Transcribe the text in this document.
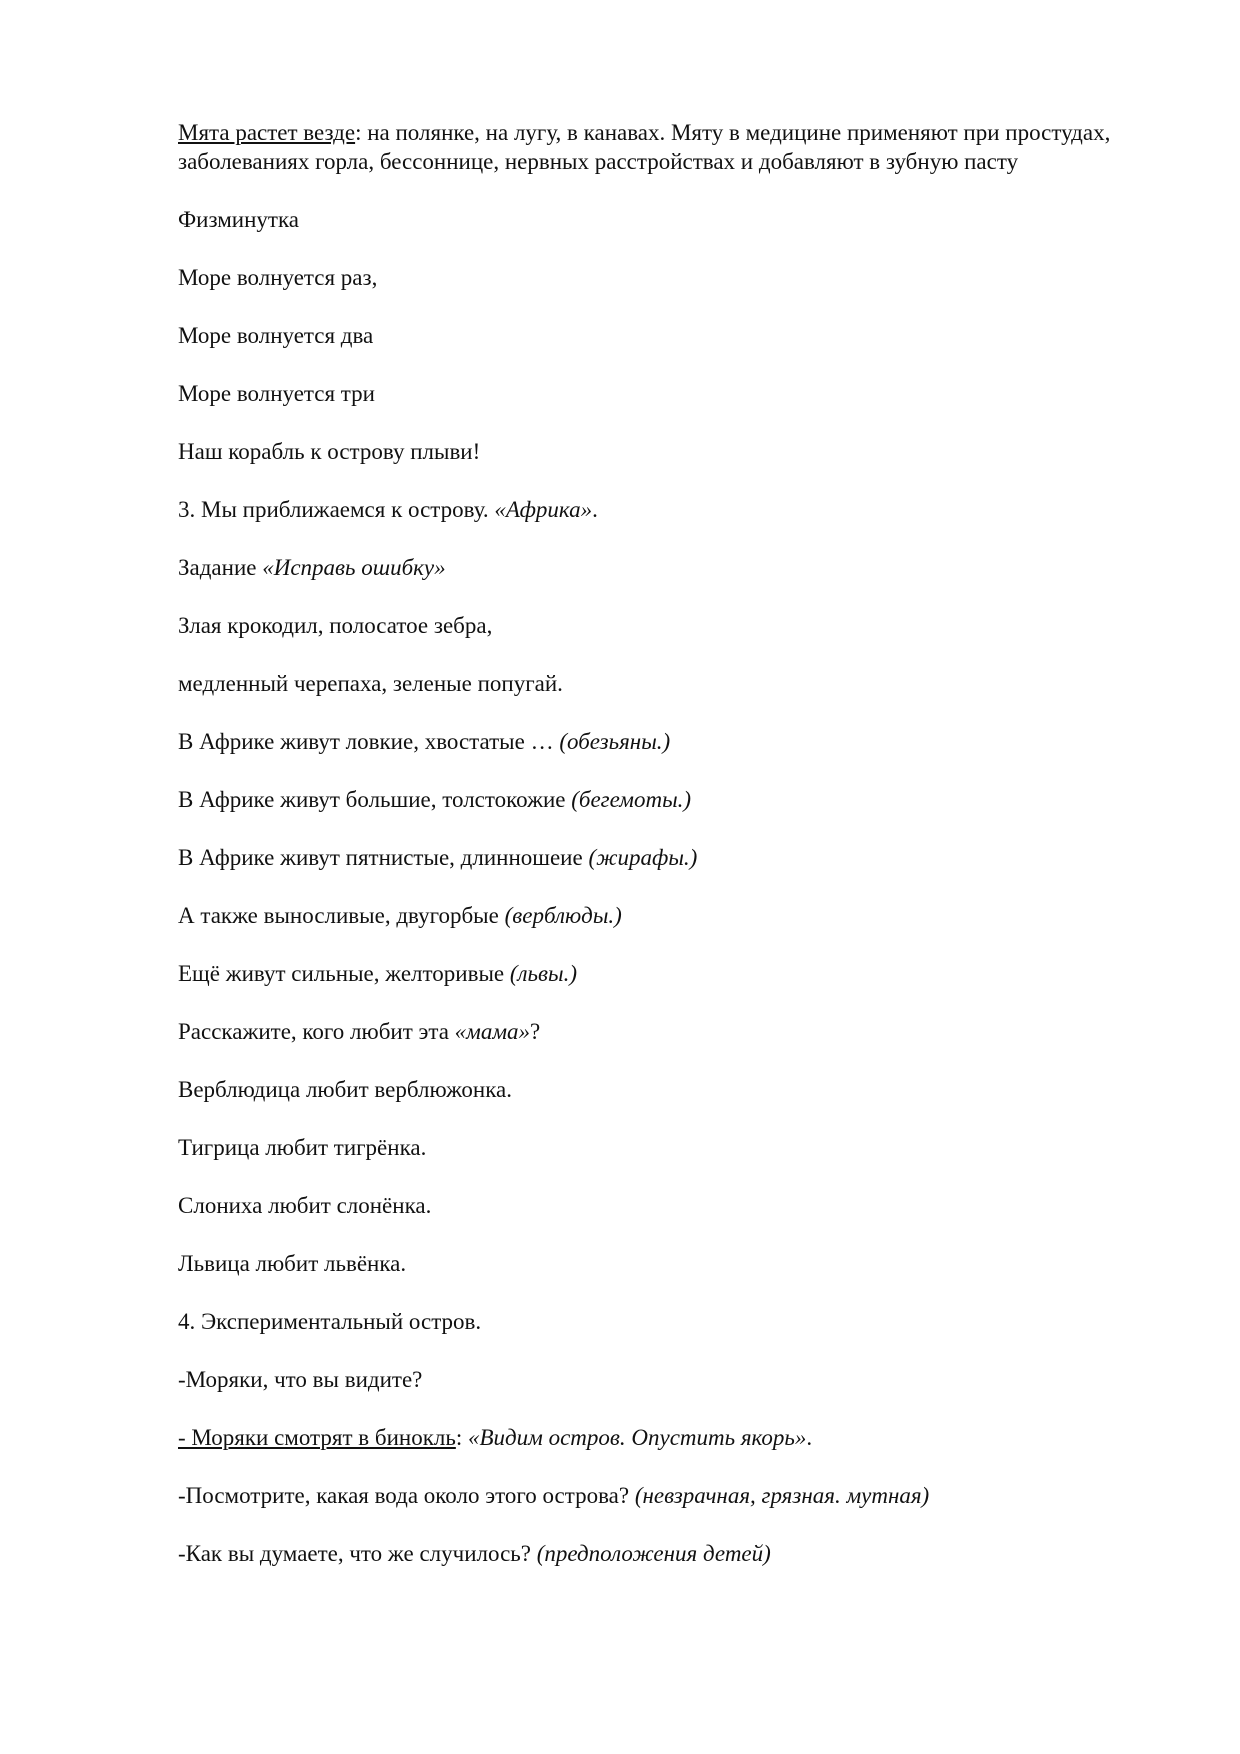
Мята растет везде: на полянке, на лугу, в канавах. Мяту в медицине применяют при простудах, заболеваниях горла, бессоннице, нервных расстройствах и добавляют в зубную пасту

Физминутка

Море волнуется раз,

Море волнуется два

Море волнуется три

Наш корабль к острову плыви!

3. Мы приближаемся к острову. «Африка».

Задание «Исправь ошибку»

Злая крокодил, полосатое зебра,

медленный черепаха, зеленые попугай.

В Африке живут ловкие, хвостатые … (обезьяны.)

В Африке живут большие, толстокожие (бегемоты.)

В Африке живут пятнистые, длинношеие (жирафы.)

А также выносливые, двугорбые (верблюды.)

Ещё живут сильные, желторивые (львы.)

Расскажите, кого любит эта «мама»?

Верблюдица любит верблюжонка.

Тигрица любит тигрёнка.

Слониха любит слонёнка.

Львица любит львёнка.

4. Экспериментальный остров.

-Моряки, что вы видите?

- Моряки смотрят в бинокль: «Видим остров. Опустить якорь».

-Посмотрите, какая вода около этого острова? (невзрачная, грязная. мутная)

-Как вы думаете, что же случилось? (предположения детей)
